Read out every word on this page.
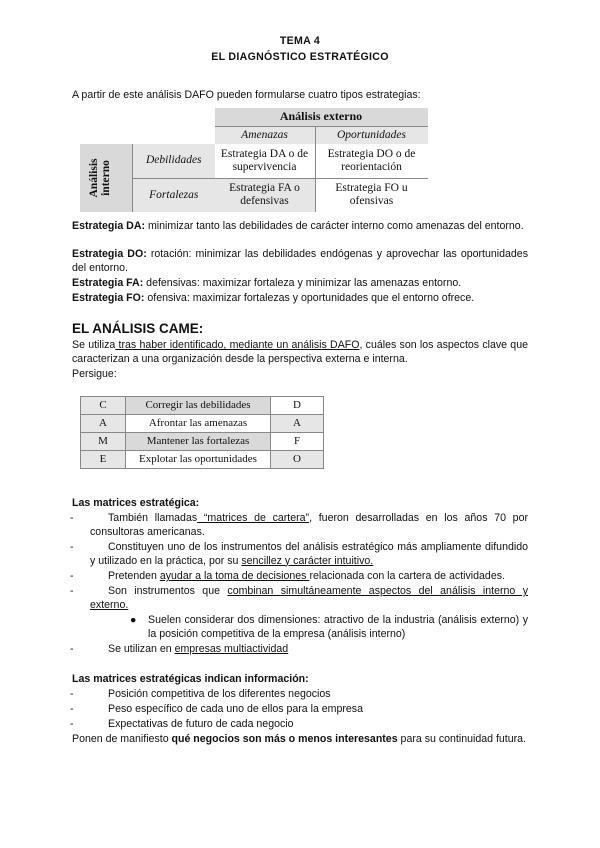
TEMA 4
EL DIAGNÓSTICO ESTRATÉGICO
A partir de este análisis DAFO pueden formularse cuatro tipos estrategias:
		Análisis externo	
		Amenazas	Oportunidades

Análisis interno	Debilidades	Estrategia DA o de supervivencia	Estrategia DO o de reorientación
	Fortalezas	Estrategia FA o defensivas	Estrategia FO u ofensivas
Estrategia DA: minimizar tanto las debilidades de carácter interno como amenazas del entorno.
Estrategia DO: rotación: minimizar las debilidades endógenas y aprovechar las oportunidades del entorno.
Estrategia FA: defensivas: maximizar fortaleza y minimizar las amenazas entorno.
Estrategia FO: ofensiva: maximizar fortalezas y oportunidades que el entorno ofrece.
EL ANÁLISIS CAME:
Se utiliza tras haber identificado, mediante un análisis DAFO, cuáles son los aspectos clave que caracterizan a una organización desde la perspectiva externa e interna.
Persigue:
C	Corregir las debilidades	D
A	Afrontar las amenazas	A
M	Mantener las fortalezas	F
E	Explotar las oportunidades	O
Las matrices estratégica:
-	También llamadas “matrices de cartera”, fueron desarrolladas en los años 70 por consultoras americanas.
-	Constituyen uno de los instrumentos del análisis estratégico más ampliamente difundido y utilizado en la práctica, por su sencillez y carácter intuitivo.
-	Pretenden ayudar a la toma de decisiones relacionada con la cartera de actividades.
-	Son instrumentos que combinan simultáneamente aspectos del análisis interno y externo.
● Suelen considerar dos dimensiones: atractivo de la industria (análisis externo) y la posición competitiva de la empresa (análisis interno)
-	Se utilizan en empresas multiactividad
Las matrices estratégicas indican información:
-	Posición competitiva de los diferentes negocios
-	Peso específico de cada uno de ellos para la empresa
-	Expectativas de futuro de cada negocio
Ponen de manifiesto qué negocios son más o menos interesantes para su continuidad futura.
